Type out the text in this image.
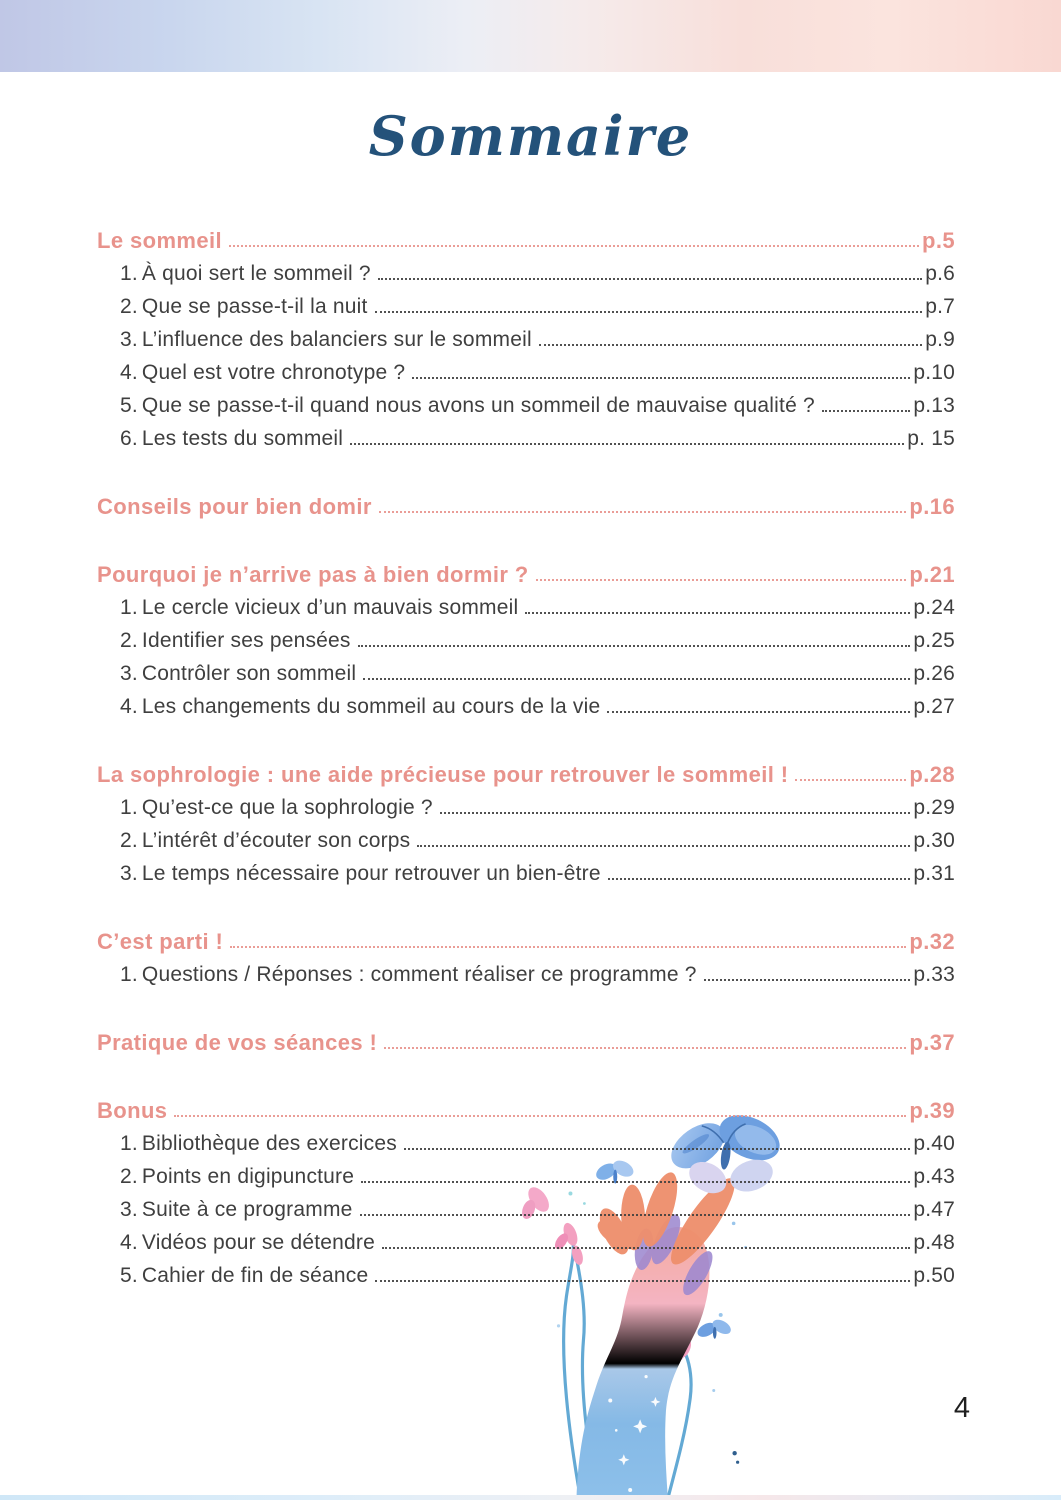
Sommaire
Le sommeil	p.5
1. À quoi sert le sommeil ?	p.6
2. Que se passe-t-il la nuit	p.7
3. L’influence des balanciers sur le sommeil	p.9
4. Quel est votre chronotype ?	p.10
5. Que se passe-t-il quand nous avons un sommeil de mauvaise qualité ?	p.13
6. Les tests du sommeil	p. 15
Conseils pour bien domir	p.16
Pourquoi je n’arrive pas à bien dormir ?	p.21
1. Le cercle vicieux d’un mauvais sommeil	p.24
2. Identifier ses pensées	p.25
3. Contrôler son sommeil	p.26
4. Les changements du sommeil au cours de la vie	p.27
La sophrologie : une aide précieuse pour retrouver le sommeil !	p.28
1. Qu’est-ce que la sophrologie ?	p.29
2. L’intérêt d’écouter son corps	p.30
3. Le temps nécessaire pour retrouver un bien-être	p.31
C’est parti !	p.32
1. Questions / Réponses : comment réaliser ce programme ?	p.33
Pratique de vos séances !	p.37
Bonus	p.39
1. Bibliothèque des exercices	p.40
2. Points en digipuncture	p.43
3. Suite à ce programme	p.47
4. Vidéos pour se détendre	p.48
5. Cahier de fin de séance	p.50
4
